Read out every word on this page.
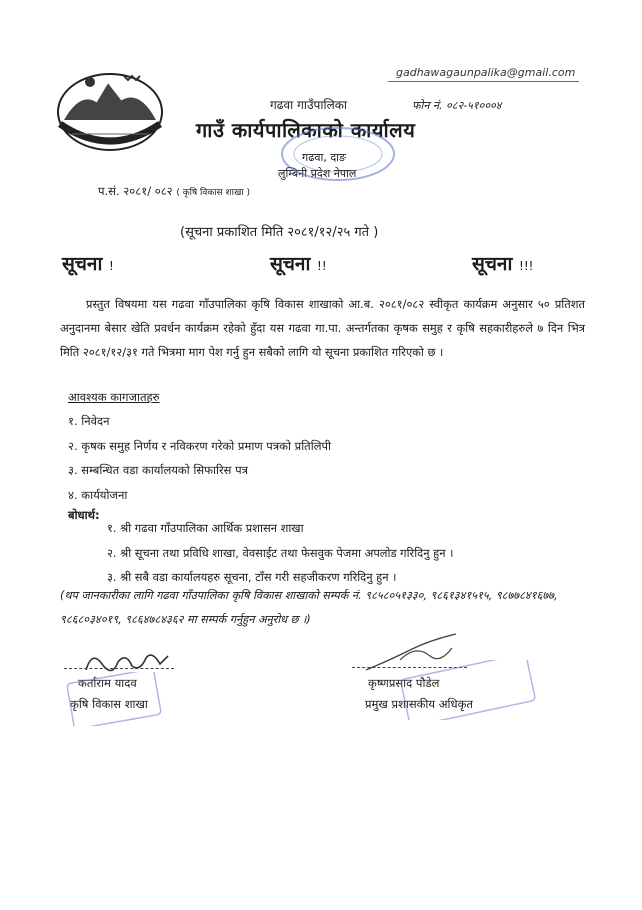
gadhawagaunpalika@gmail.com
गढवा गाउँपालिका	फोन नं. ०८२-५१०००४
गाउँ कार्यपालिकाको कार्यालय
गढवा, दाङ
लुम्बिनी प्रदेश नेपाल
प.सं. २०८१/ ०८२ ( कृषि विकास शाखा )
(सूचना प्रकाशित मिति २०८१/१२/२५ गते )
सूचना !	सूचना !!	सूचना !!!
प्रस्तुत विषयमा यस गढवा गाँउपालिका कृषि विकास शाखाको आ.ब. २०८१/०८२ स्वीकृत कार्यक्रम अनुसार ५० प्रतिशत अनुदानमा बेसार खेति प्रवर्धन कार्यक्रम रहेको हुँदा यस गढवा गा.पा. अन्तर्गतका कृषक समुह र कृषि सहकारीहरुले ७ दिन भित्र मिति २०८१/१२/३१ गते भित्रमा माग पेश गर्नु हुन सबैको लागि यो सूचना प्रकाशित गरिएको छ ।
आवश्यक कागजातहरु
१. निवेदन
२. कृषक समुह निर्णय र नविकरण गरेको प्रमाण पत्रको प्रतिलिपी
३. सम्बन्धित वडा कार्यालयको सिफारिस पत्र
४. कार्ययोजना
बोधार्थ:
१. श्री गढवा गाँउपालिका आर्थिक प्रशासन शाखा
२. श्री सूचना तथा प्रविधि शाखा, वेवसाईट तथा फेसवुक पेजमा अपलोड गरिदिनु हुन ।
३. श्री सबै वडा कार्यालयहरु सूचना, टाँस गरी सहजीकरण गरिदिनु हुन ।
(थप जानकारीका लागि गढवा गाँउपालिका कृषि विकास शाखाको सम्पर्क नं. ९८५८०५१३३०, ९८६१३४१५१५, ९८७७८४१६७७, ९८६८०३४०१९, ९८६४७८४३६२ मा सम्पर्क गर्नुहुन अनुरोध छ ।)
कर्ताराम यादव
कृषि विकास शाखा
कृष्णप्रसाद पौडेल
प्रमुख प्रशासकीय अधिकृत
